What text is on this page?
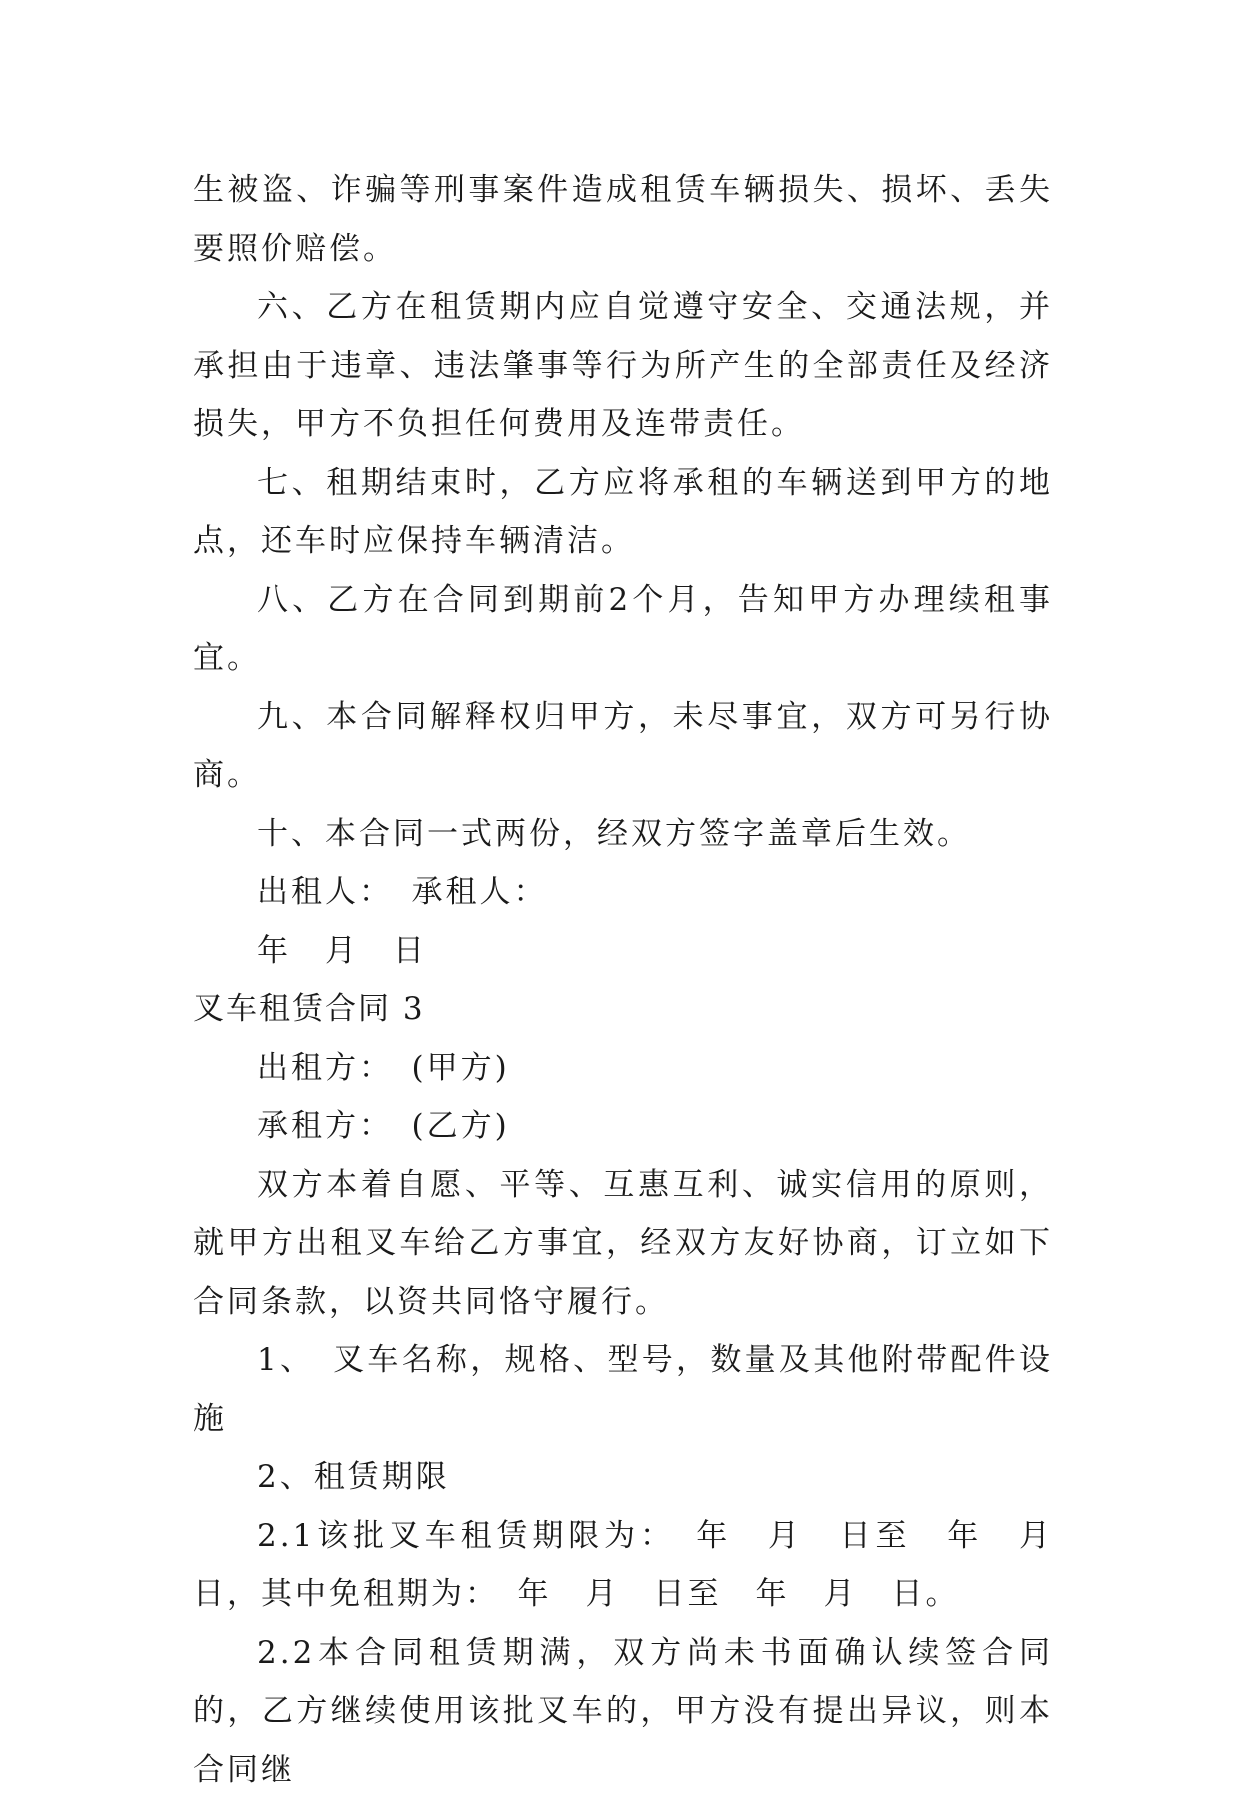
生被盗、诈骗等刑事案件造成租赁车辆损失、损坏、丢失要照价赔偿。

六、乙方在租赁期内应自觉遵守安全、交通法规，并承担由于违章、违法肇事等行为所产生的全部责任及经济损失，甲方不负担任何费用及连带责任。

七、租期结束时，乙方应将承租的车辆送到甲方的地点，还车时应保持车辆清洁。

八、乙方在合同到期前2个月，告知甲方办理续租事宜。

九、本合同解释权归甲方，未尽事宜，双方可另行协商。

十、本合同一式两份，经双方签字盖章后生效。

出租人：　承租人：

年　月　日

叉车租赁合同 3

出租方：　(甲方)

承租方：　(乙方)

双方本着自愿、平等、互惠互利、诚实信用的原则，就甲方出租叉车给乙方事宜，经双方友好协商，订立如下合同条款，以资共同恪守履行。

1、　叉车名称，规格、型号，数量及其他附带配件设施

2、租赁期限

2.1该批叉车租赁期限为：　年　月　日至　年　月　日，其中免租期为：　年　月　日至　年　月　日。

2.2本合同租赁期满，双方尚未书面确认续签合同的，乙方继续使用该批叉车的，甲方没有提出异议，则本合同继
